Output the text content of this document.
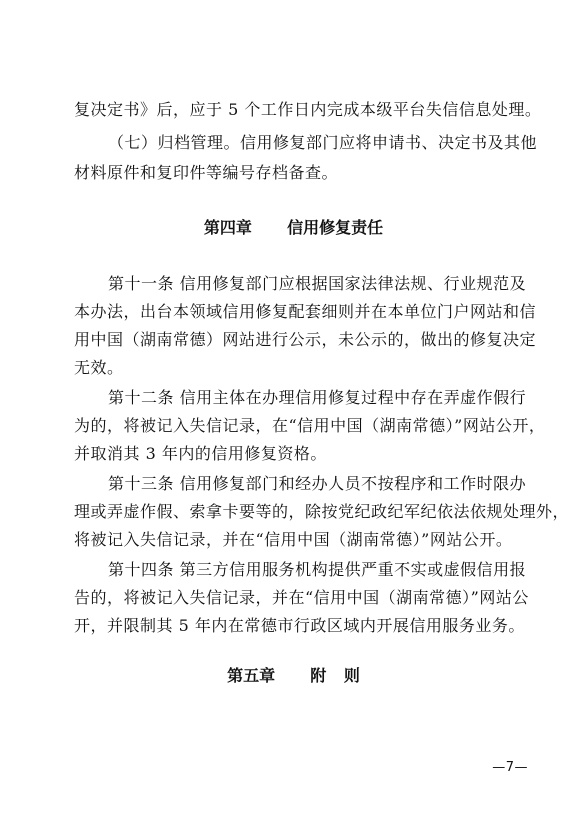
复决定书》后，应于 5 个工作日内完成本级平台失信信息处理。
（七）归档管理。信用修复部门应将申请书、决定书及其他
材料原件和复印件等编号存档备查。
第四章  信用修复责任
第十一条 信用修复部门应根据国家法律法规、行业规范及
本办法，出台本领域信用修复配套细则并在本单位门户网站和信
用中国（湖南常德）网站进行公示，未公示的，做出的修复决定
无效。
第十二条 信用主体在办理信用修复过程中存在弄虚作假行
为的，将被记入失信记录，在“信用中国（湖南常德）”网站公开，
并取消其 3 年内的信用修复资格。
第十三条 信用修复部门和经办人员不按程序和工作时限办
理或弄虚作假、索拿卡要等的，除按党纪政纪军纪依法依规处理外，
将被记入失信记录，并在“信用中国（湖南常德）”网站公开。
第十四条 第三方信用服务机构提供严重不实或虚假信用报
告的，将被记入失信记录，并在“信用中国（湖南常德）”网站公
开，并限制其 5 年内在常德市行政区域内开展信用服务业务。
第五章  附 则
—7—
